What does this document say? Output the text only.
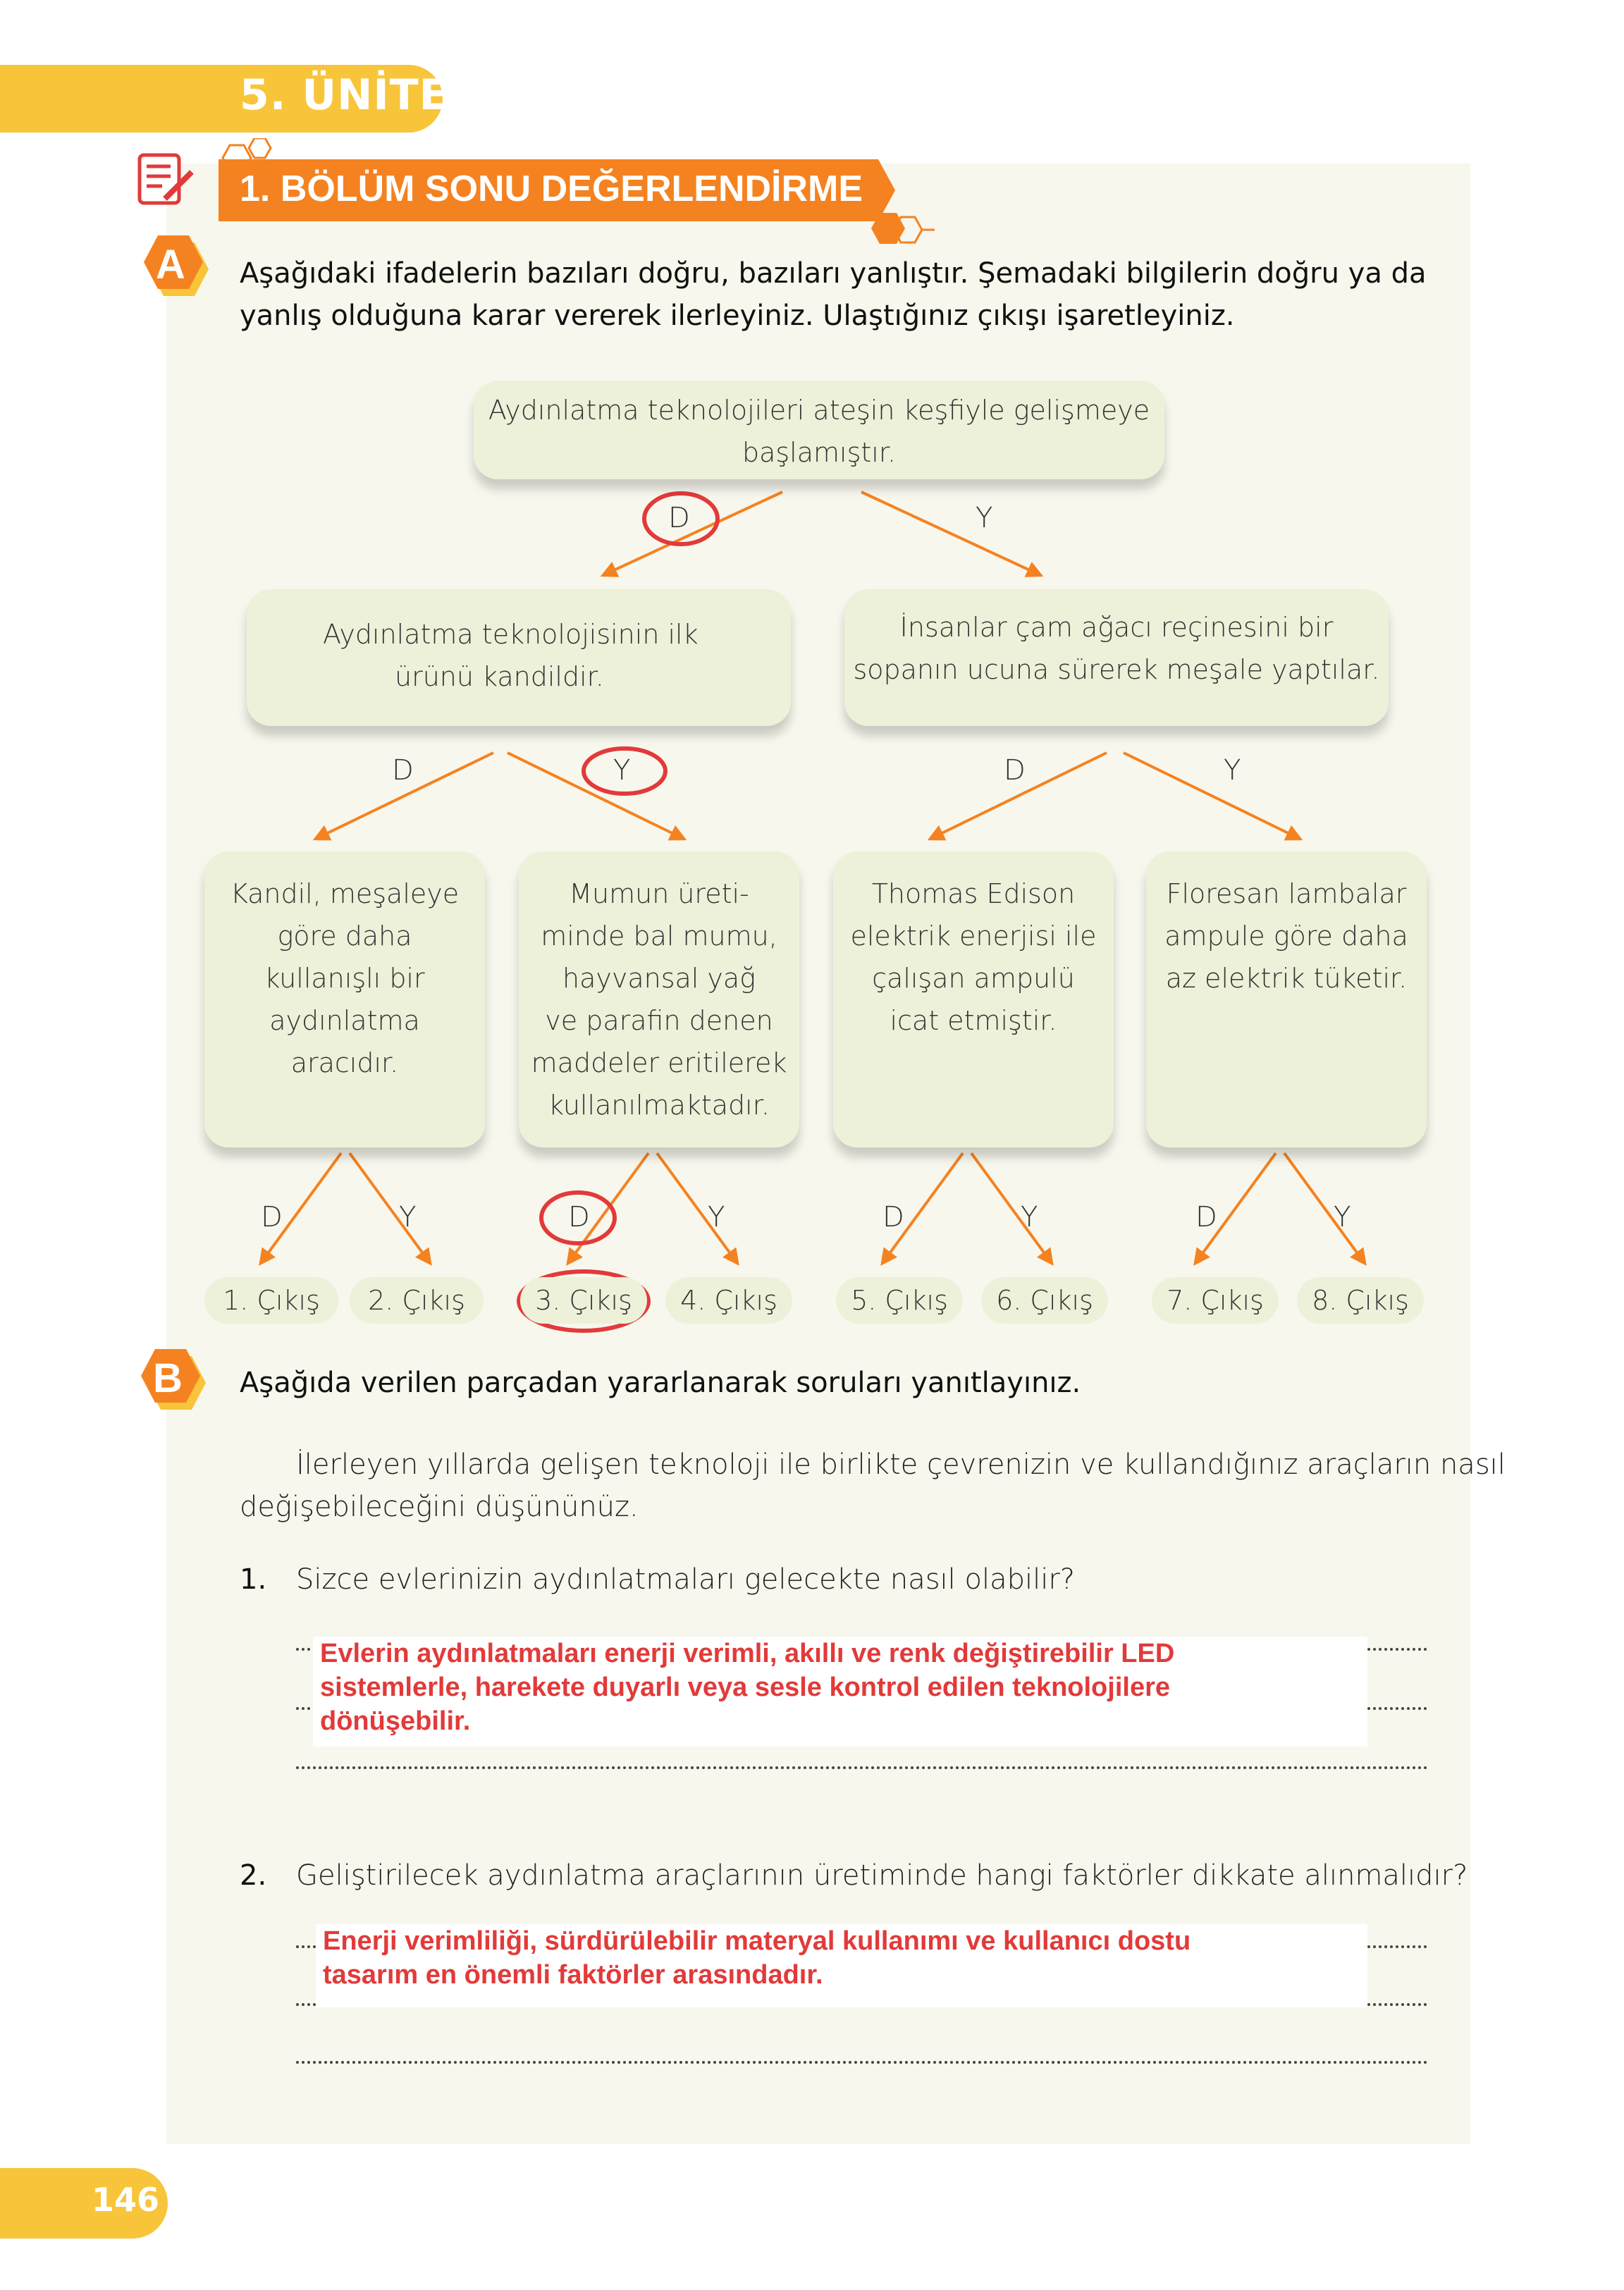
5. ÜNİTE
1. BÖLÜM SONU DEĞERLENDİRME
A	Aşağıdaki ifadelerin bazıları doğru, bazıları yanlıştır. Şemadaki bilgilerin doğru ya da
yanlış olduğuna karar vererek ilerleyiniz. Ulaştığınız çıkışı işaretleyiniz.
Aydınlatma teknolojileri ateşin keşfiyle gelişmeye
başlamıştır.
Aydınlatma teknolojisinin ilk
ürünü kandildir.
İnsanlar çam ağacı reçinesini bir
sopanın ucuna sürerek meşale yaptılar.
Kandil, meşaleye
göre daha
kullanışlı bir
aydınlatma
aracıdır.
Mumun üreti-
minde bal mumu,
hayvansal yağ
ve parafin denen
maddeler eritilerek
kullanılmaktadır.
Thomas Edison
elektrik enerjisi ile
çalışan ampulü
icat etmiştir.
Floresan lambalar
ampule göre daha
az elektrik tüketir.
D	Y
D	Y	D	Y
D	Y	D	Y	D	Y	D	Y
1. Çıkış	2. Çıkış	3. Çıkış	4. Çıkış	5. Çıkış	6. Çıkış	7. Çıkış	8. Çıkış
B	Aşağıda verilen parçadan yararlanarak soruları yanıtlayınız.
İlerleyen yıllarda gelişen teknoloji ile birlikte çevrenizin ve kullandığınız araçların nasıl
değişebileceğini düşününüz.
1. Sizce evlerinizin aydınlatmaları gelecekte nasıl olabilir?
Evlerin aydınlatmaları enerji verimli, akıllı ve renk değiştirebilir LED
sistemlerle, harekete duyarlı veya sesle kontrol edilen teknolojilere
dönüşebilir.
2. Geliştirilecek aydınlatma araçlarının üretiminde hangi faktörler dikkate alınmalıdır?
Enerji verimliliği, sürdürülebilir materyal kullanımı ve kullanıcı dostu
tasarım en önemli faktörler arasındadır.
146
